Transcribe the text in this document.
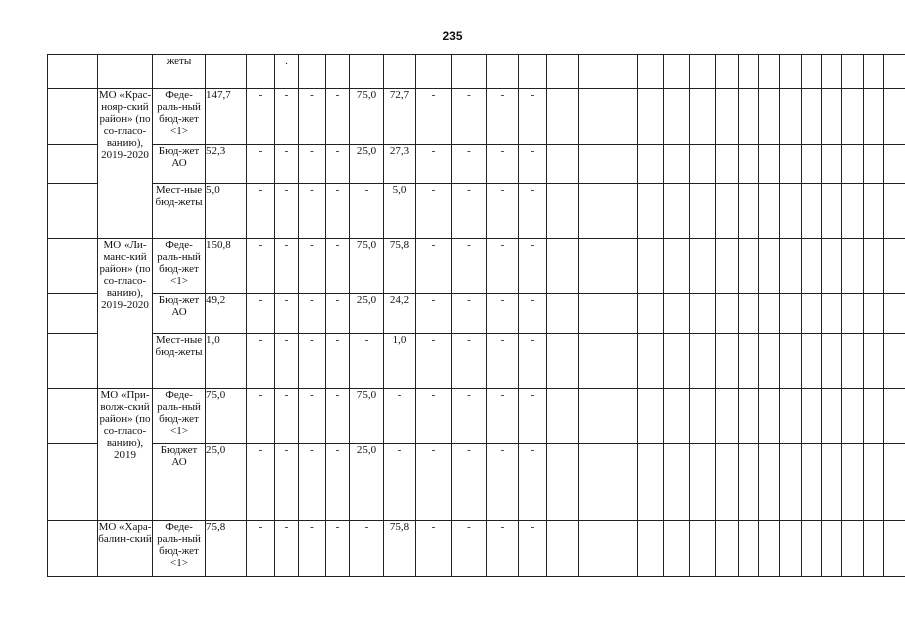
235
		жеты			.																						
	МО «Крас-нояр-ский район» (по со-гласо-ванию), 2019-2020	Феде-раль-ный бюд-жет <1>	147,7	-	-	-	-	75,0	72,7	-	-	-	-														
		Бюд-жет АО	52,3	-	-	-	-	25,0	27,3	-	-	-	-														
		Мест-ные бюд-жеты	5,0	-	-	-	-	-	5,0	-	-	-	-														
	МО «Ли-манс-кий район» (по со-гласо-ванию), 2019-2020	Феде-раль-ный бюд-жет <1>	150,8	-	-	-	-	75,0	75,8	-	-	-	-														
		Бюд-жет АО	49,2	-	-	-	-	25,0	24,2	-	-	-	-														
		Мест-ные бюд-жеты	1,0	-	-	-	-	-	1,0	-	-	-	-														
	МО «При-волж-ский район» (по со-гласо-ванию), 2019	Феде-раль-ный бюд-жет <1>	75,0	-	-	-	-	75,0	-	-	-	-	-														
		Бюджет АО	25,0	-	-	-	-	25,0	-	-	-	-	-														
	МО «Хара-балин-ский	Феде-раль-ный бюд-жет <1>	75,8	-	-	-	-	-	75,8	-	-	-	-														
